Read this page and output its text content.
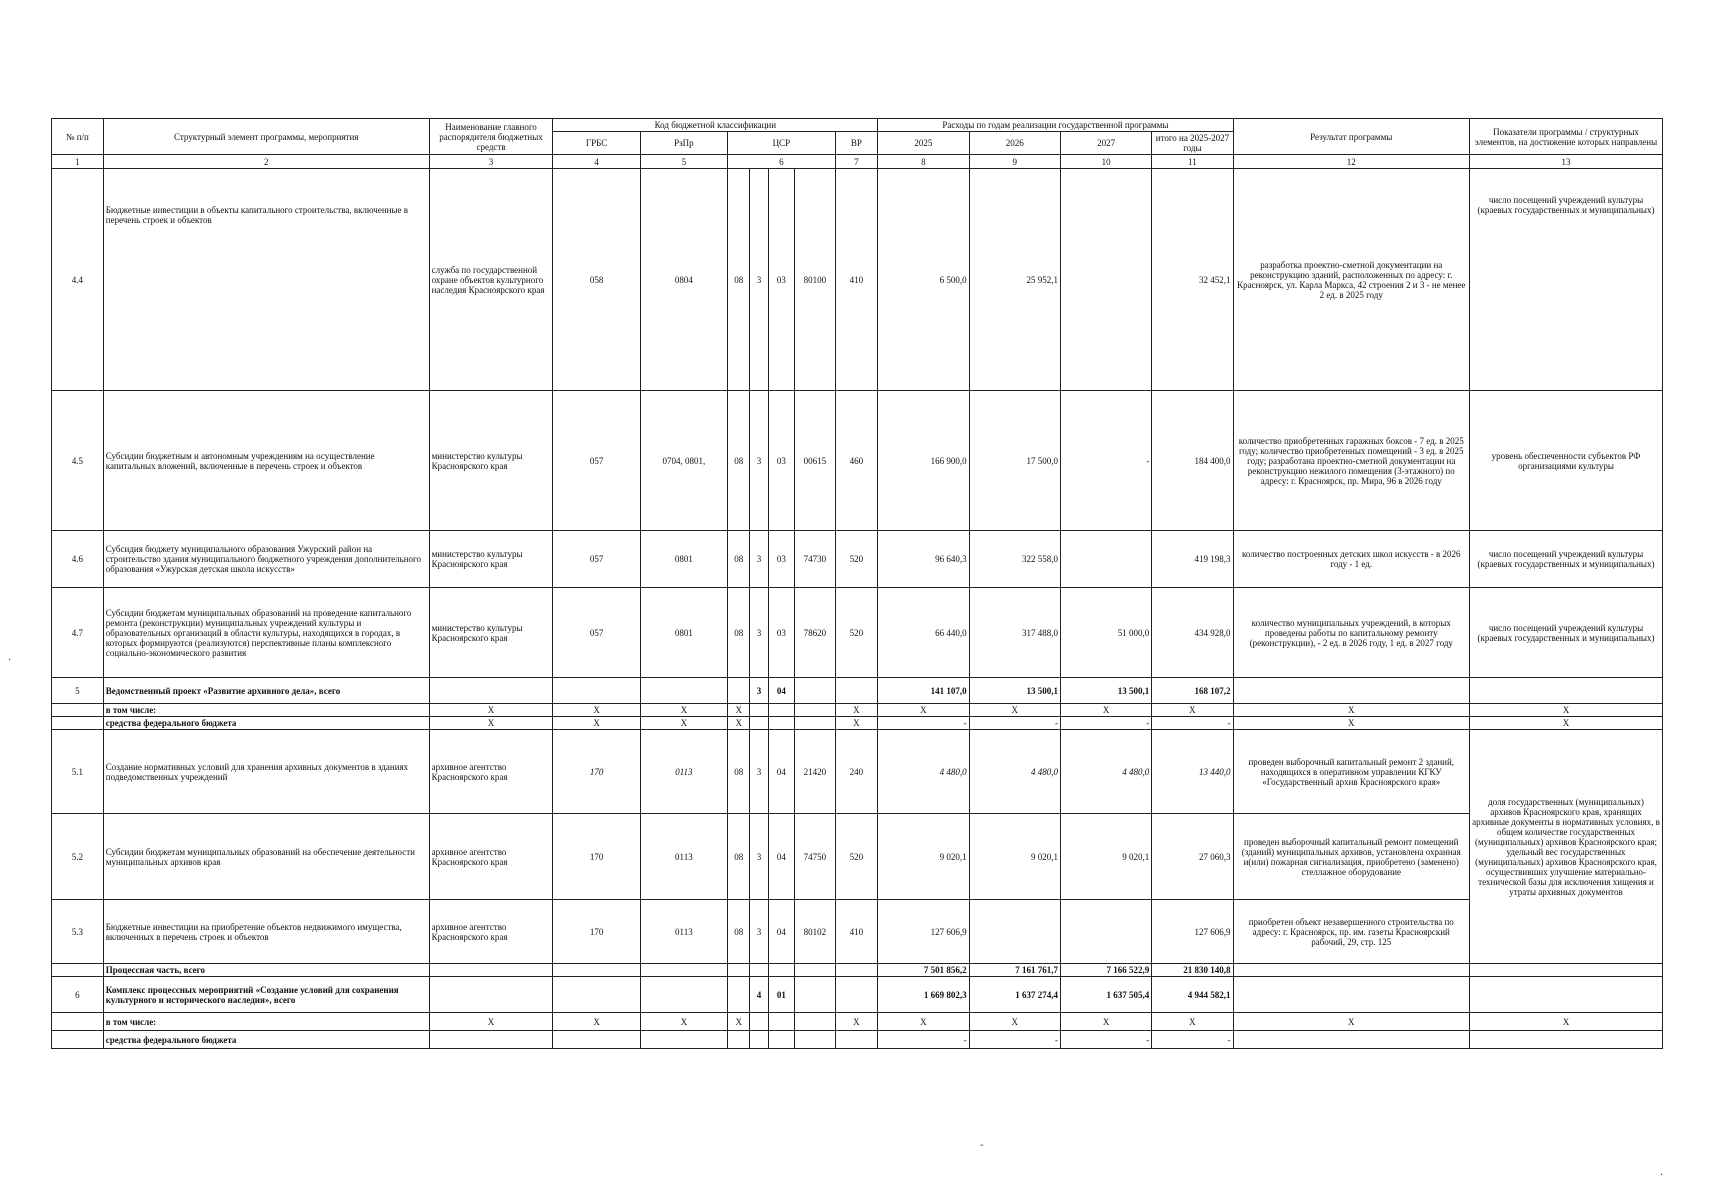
№ п/п	Структурный элемент программы, мероприятия	Наименование главного распорядителя бюджетных средств	Код бюджетной классификации							Расходы по годам реализации государственной программы				Результат программы	Показатели программы / структурных элементов, на достижение которых направлены
			ГРБС	РзПр	ЦСР				ВР	2025	2026	2027	итого на 2025-2027 годы		
1	2	3	4	5	6				7	8	9	10	11	12	13
4.4	Бюджетные инвестиции в объекты капитального строительства, включенные в перечень строек и объектов	служба по государственной охране объектов культурного наследия Красноярского края	058	0804	08	3	03	80100	410	6 500,0	25 952,1		32 452,1	разработка проектно-сметной документации на реконструкцию зданий, расположенных по адресу: г. Красноярск, ул. Карла Маркса, 42 строения 2 и 3 - не менее 2 ед. в 2025 году	число посещений учреждений культуры (краевых государственных и муниципальных)
4.5	Субсидии бюджетным и автономным учреждениям на осуществление капитальных вложений, включенные в перечень строек и объектов	министерство культуры Красноярского края	057	0704, 0801,	08	3	03	00615	460	166 900,0	17 500,0	-	184 400,0	количество приобретенных гаражных боксов - 7 ед. в 2025 году; количество приобретенных помещений - 3 ед. в 2025 году; разработана проектно-сметной документации на реконструкцию нежилого помещения (3-этажного) по адресу: г. Красноярск, пр. Мира, 96 в 2026 году	уровень обеспеченности субъектов РФ организациями культуры
4.6	Субсидия бюджету муниципального образования Ужурский район на строительство здания муниципального бюджетного учреждения дополнительного образования «Ужурская детская школа искусств»	министерство культуры Красноярского края	057	0801	08	3	03	74730	520	96 640,3	322 558,0		419 198,3	количество построенных детских школ искусств - в 2026 году - 1 ед.	число посещений учреждений культуры (краевых государственных и муниципальных)
4.7	Субсидии бюджетам муниципальных образований на проведение капитального ремонта (реконструкции) муниципальных учреждений культуры и образовательных организаций в области культуры, находящихся в городах, в которых формируются (реализуются) перспективные планы комплексного социально-экономического развития	министерство культуры Красноярского края	057	0801	08	3	03	78620	520	66 440,0	317 488,0	51 000,0	434 928,0	количество муниципальных учреждений, в которых проведены работы по капитальному ремонту (реконструкции), - 2 ед. в 2026 году, 1 ед. в 2027 году	число посещений учреждений культуры (краевых государственных и муниципальных)
5	Ведомственный проект «Развитие архивного дела», всего					3	04			141 107,0	13 500,1	13 500,1	168 107,2		
	в том числе:	X	X	X	X				X	X	X	X	X	X	X
	средства федерального бюджета	X	X	X	X				X	-	-	-	-	X	X
5.1	Создание нормативных условий для хранения архивных документов в зданиях подведомственных учреждений	архивное агентство Красноярского края	170	0113	08	3	04	21420	240	4 480,0	4 480,0	4 480,0	13 440,0	проведен выборочный капитальный ремонт 2 зданий, находящихся в оперативном управлении КГКУ «Государственный архив Красноярского края»	доля государственных (муниципальных) архивов Красноярского края, хранящих архивные документы в нормативных условиях, в общем количестве государственных (муниципальных) архивов Красноярского края; удельный вес государственных (муниципальных) архивов Красноярского края, осуществивших улучшение материально-технической базы для исключения хищения и утраты архивных документов
5.2	Субсидии бюджетам муниципальных образований на обеспечение деятельности муниципальных архивов края	архивное агентство Красноярского края	170	0113	08	3	04	74750	520	9 020,1	9 020,1	9 020,1	27 060,3	проведен выборочный капитальный ремонт помещений (зданий) муниципальных архивов, установлена охранная и(или) пожарная сигнализация, приобретено (заменено) стеллажное оборудование	
5.3	Бюджетные инвестиции на приобретение объектов недвижимого имущества, включенных в перечень строек и объектов	архивное агентство Красноярского края	170	0113	08	3	04	80102	410	127 606,9			127 606,9	приобретен объект незавершенного строительства по адресу: г. Красноярск, пр. им. газеты Красноярский рабочий, 29, стр. 125	
	Процессная часть, всего									7 501 856,2	7 161 761,7	7 166 522,9	21 830 140,8		
6	Комплекс процессных мероприятий «Создание условий для сохранения культурного и исторического наследия», всего					4	01			1 669 802,3	1 637 274,4	1 637 505,4	4 944 582,1		
	в том числе:	X	X	X	X				X	X	X	X	X	X	X
	средства федерального бюджета									-	-	-	-		
·
‑
·
